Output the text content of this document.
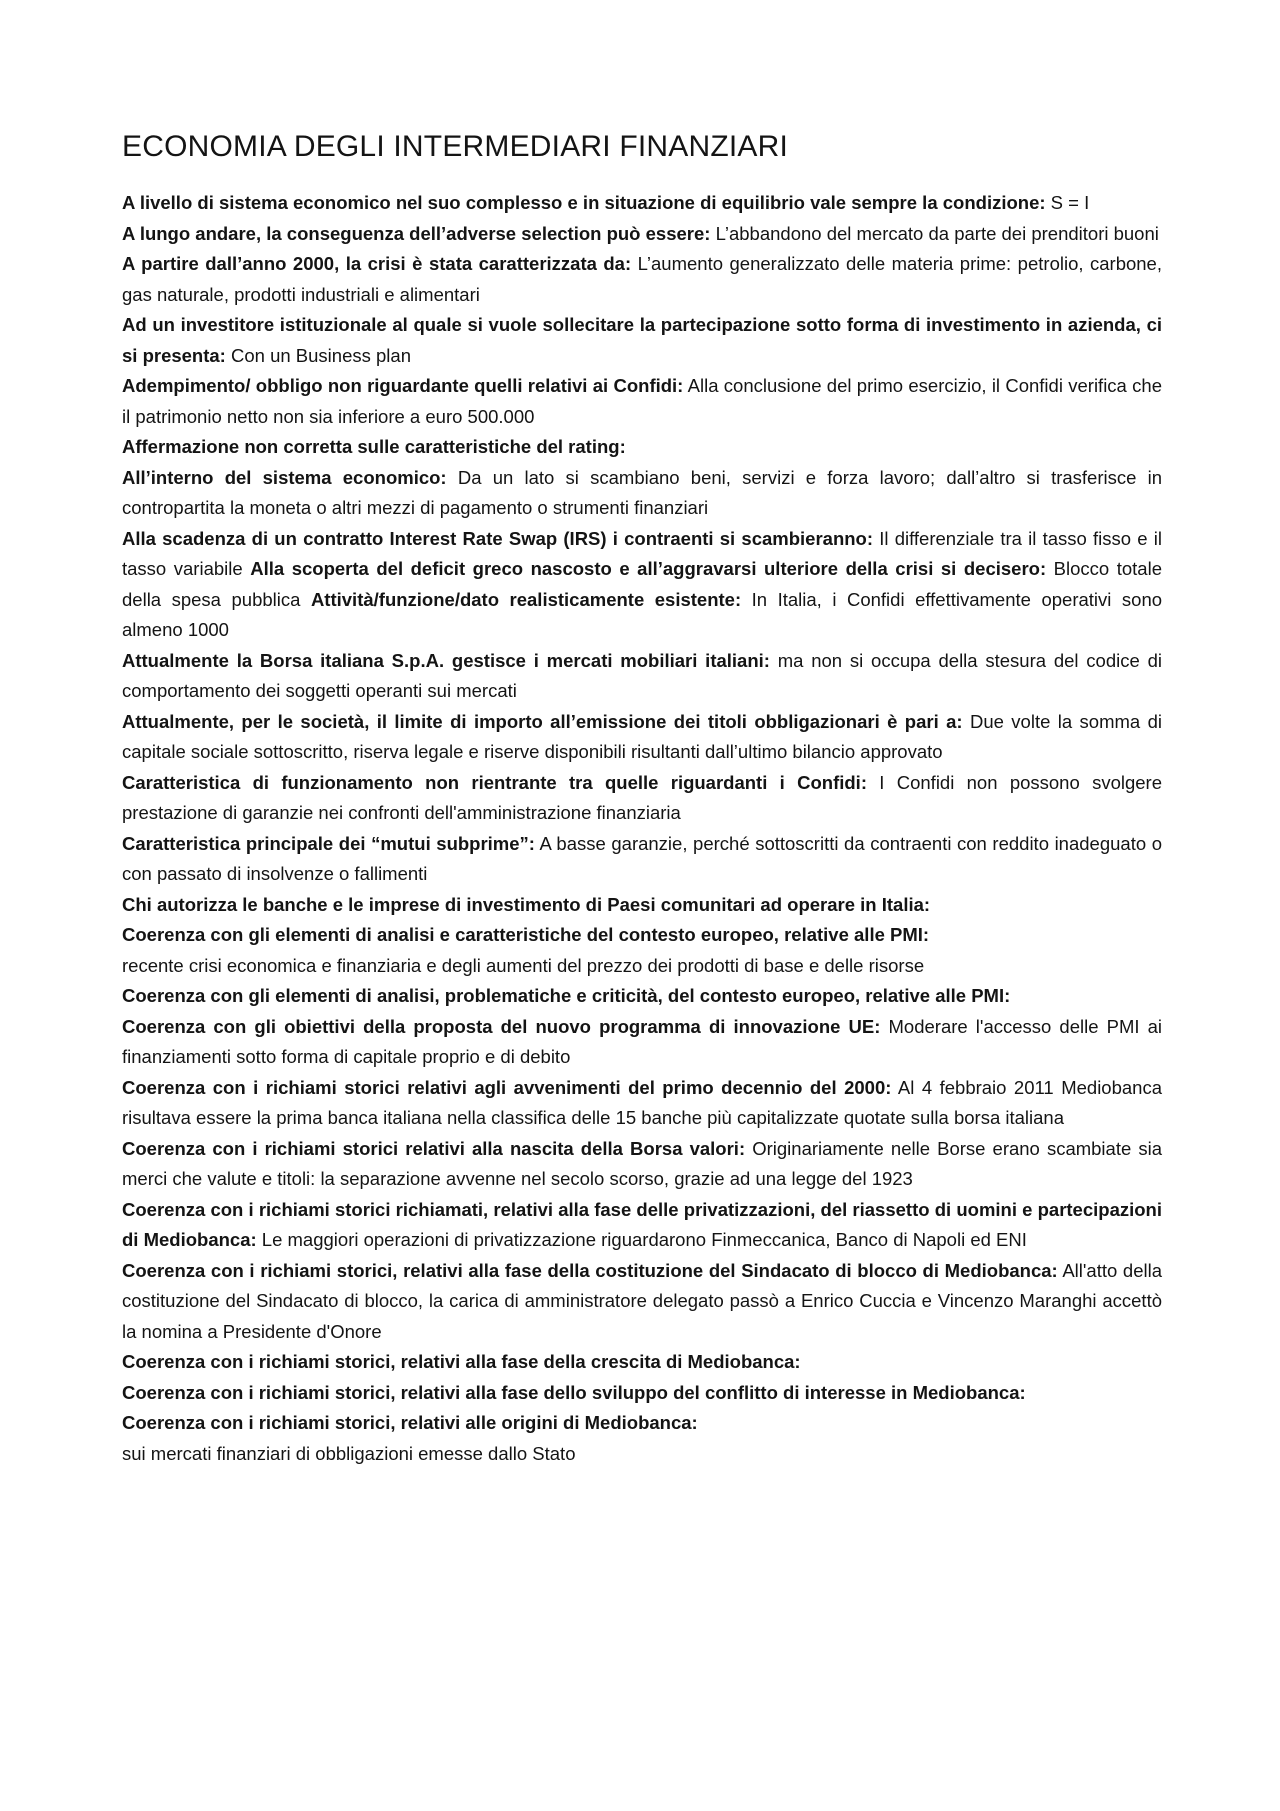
ECONOMIA DEGLI INTERMEDIARI FINANZIARI

A livello di sistema economico nel suo complesso e in situazione di equilibrio vale sempre la condizione: S = I

A lungo andare, la conseguenza dell’adverse selection può essere: L’abbandono del mercato da parte dei prenditori buoni

A partire dall’anno 2000, la crisi è stata caratterizzata da: L’aumento generalizzato delle materia prime: petrolio, carbone, gas naturale, prodotti industriali e alimentari

Ad un investitore istituzionale al quale si vuole sollecitare la partecipazione sotto forma di investimento in azienda, ci si presenta: Con un Business plan

Adempimento/ obbligo non riguardante quelli relativi ai Confidi: Alla conclusione del primo esercizio, il Confidi verifica che il patrimonio netto non sia inferiore a euro 500.000

Affermazione non corretta sulle caratteristiche del rating:

All’interno del sistema economico: Da un lato si scambiano beni, servizi e forza lavoro; dall’altro si trasferisce in contropartita la moneta o altri mezzi di pagamento o strumenti finanziari

Alla scadenza di un contratto Interest Rate Swap (IRS) i contraenti si scambieranno: Il differenziale tra il tasso fisso e il tasso variabile Alla scoperta del deficit greco nascosto e all’aggravarsi ulteriore della crisi si decisero: Blocco totale della spesa pubblica Attività/funzione/dato realisticamente esistente: In Italia, i Confidi effettivamente operativi sono almeno 1000

Attualmente la Borsa italiana S.p.A. gestisce i mercati mobiliari italiani: ma non si occupa della stesura del codice di comportamento dei soggetti operanti sui mercati

Attualmente, per le società, il limite di importo all’emissione dei titoli obbligazionari è pari a: Due volte la somma di capitale sociale sottoscritto, riserva legale e riserve disponibili risultanti dall’ultimo bilancio approvato

Caratteristica di funzionamento non rientrante tra quelle riguardanti i Confidi: I Confidi non possono svolgere prestazione di garanzie nei confronti dell'amministrazione finanziaria

Caratteristica principale dei “mutui subprime”: A basse garanzie, perché sottoscritti da contraenti con reddito inadeguato o con passato di insolvenze o fallimenti

Chi autorizza le banche e le imprese di investimento di Paesi comunitari ad operare in Italia:

Coerenza con gli elementi di analisi e caratteristiche del contesto europeo, relative alle PMI:

recente crisi economica e finanziaria e degli aumenti del prezzo dei prodotti di base e delle risorse

Coerenza con gli elementi di analisi, problematiche e criticità, del contesto europeo, relative alle PMI:

Coerenza con gli obiettivi della proposta del nuovo programma di innovazione UE: Moderare l'accesso delle PMI ai finanziamenti sotto forma di capitale proprio e di debito

Coerenza con i richiami storici relativi agli avvenimenti del primo decennio del 2000: Al 4 febbraio 2011 Mediobanca risultava essere la prima banca italiana nella classifica delle 15 banche più capitalizzate quotate sulla borsa italiana

Coerenza con i richiami storici relativi alla nascita della Borsa valori: Originariamente nelle Borse erano scambiate sia merci che valute e titoli: la separazione avvenne nel secolo scorso, grazie ad una legge del 1923

Coerenza con i richiami storici richiamati, relativi alla fase delle privatizzazioni, del riassetto di uomini e partecipazioni di Mediobanca: Le maggiori operazioni di privatizzazione riguardarono Finmeccanica, Banco di Napoli ed ENI

Coerenza con i richiami storici, relativi alla fase della costituzione del Sindacato di blocco di Mediobanca: All'atto della costituzione del Sindacato di blocco, la carica di amministratore delegato passò a Enrico Cuccia e Vincenzo Maranghi accettò la nomina a Presidente d'Onore

Coerenza con i richiami storici, relativi alla fase della crescita di Mediobanca:

Coerenza con i richiami storici, relativi alla fase dello sviluppo del conflitto di interesse in Mediobanca:

Coerenza con i richiami storici, relativi alle origini di Mediobanca:

sui mercati finanziari di obbligazioni emesse dallo Stato
